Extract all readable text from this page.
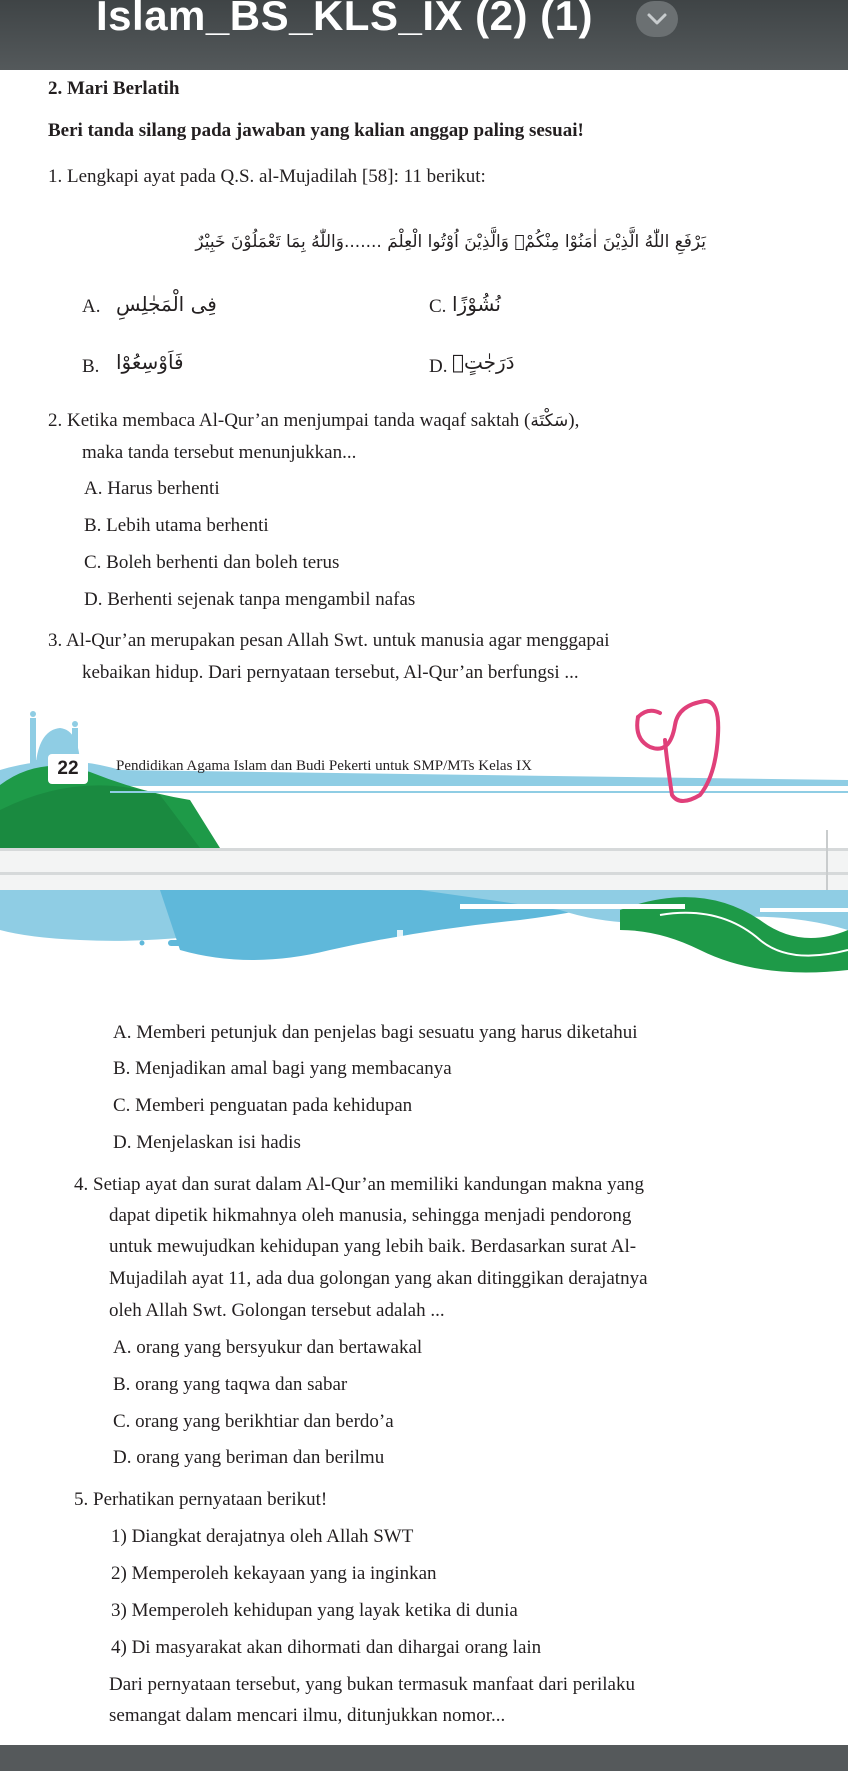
Islam_BS_KLS_IX (2) (1)
2. Mari Berlatih
Beri tanda silang pada jawaban yang kalian anggap paling sesuai!
1. Lengkapi ayat pada Q.S. al-Mujadilah [58]: 11 berikut:
يَرْفَعِ اللّٰهُ الَّذِيْنَ اٰمَنُوْا مِنْكُمْۙ وَالَّذِيْنَ اُوْتُوا الْعِلْمَ .......وَاللّٰهُ بِمَا تَعْمَلُوْنَ خَبِيْرٌ
A. فِى الْمَجٰلِسِ	C. نُشُوْزًا
B. فَاَوْسِعُوْا	D. دَرَجٰتٍۗ
2. Ketika membaca Al-Qur’an menjumpai tanda waqaf saktah (سَكْتَة),
maka tanda tersebut menunjukkan...
A. Harus berhenti
B. Lebih utama berhenti
C. Boleh berhenti dan boleh terus
D. Berhenti sejenak tanpa mengambil nafas
3. Al-Qur’an merupakan pesan Allah Swt. untuk manusia agar menggapai
kebaikan hidup. Dari pernyataan tersebut, Al-Qur’an berfungsi ...
22	Pendidikan Agama Islam dan Budi Pekerti untuk SMP/MTs Kelas IX
A. Memberi petunjuk dan penjelas bagi sesuatu yang harus diketahui
B. Menjadikan amal bagi yang membacanya
C. Memberi penguatan pada kehidupan
D. Menjelaskan isi hadis
4. Setiap ayat dan surat dalam Al-Qur’an memiliki kandungan makna yang
dapat dipetik hikmahnya oleh manusia, sehingga menjadi pendorong
untuk mewujudkan kehidupan yang lebih baik. Berdasarkan surat Al-
Mujadilah ayat 11, ada dua golongan yang akan ditinggikan derajatnya
oleh Allah Swt. Golongan tersebut adalah ...
A. orang yang bersyukur dan bertawakal
B. orang yang taqwa dan sabar
C. orang yang berikhtiar dan berdo’a
D. orang yang beriman dan berilmu
5. Perhatikan pernyataan berikut!
1) Diangkat derajatnya oleh Allah SWT
2) Memperoleh kekayaan yang ia inginkan
3) Memperoleh kehidupan yang layak ketika di dunia
4) Di masyarakat akan dihormati dan dihargai orang lain
Dari pernyataan tersebut, yang bukan termasuk manfaat dari perilaku
semangat dalam mencari ilmu, ditunjukkan nomor...
